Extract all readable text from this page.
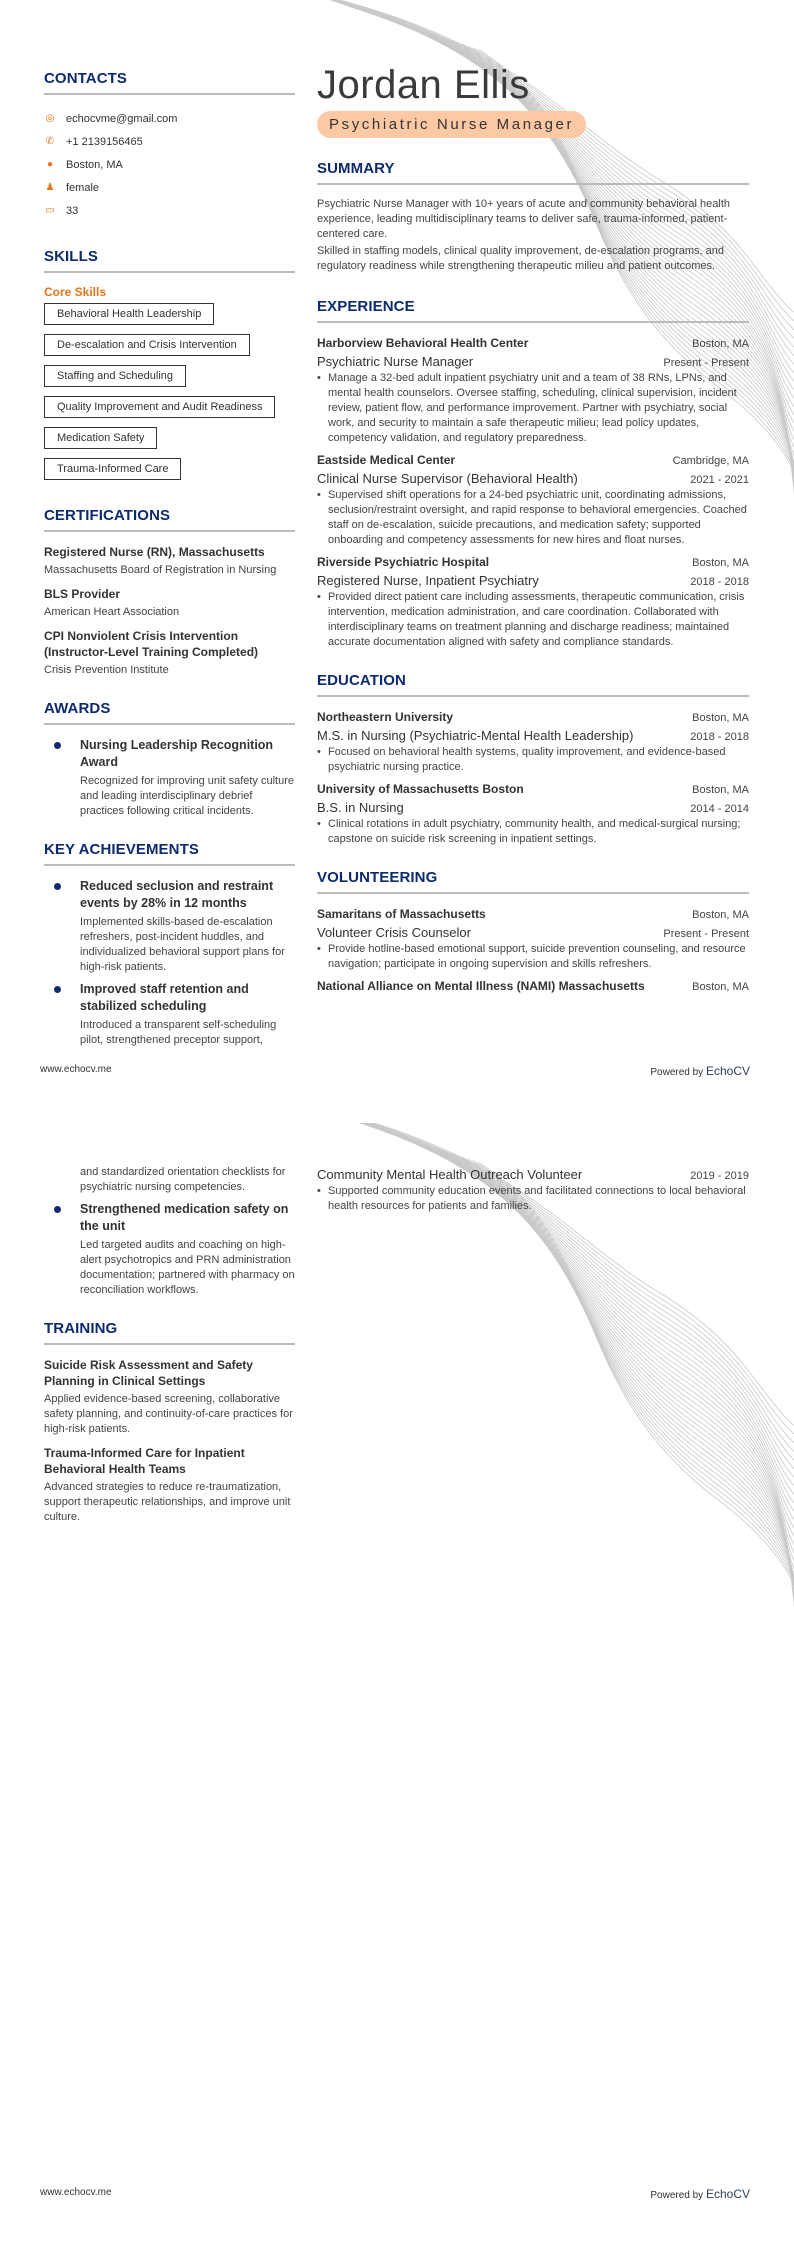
CONTACTS
◎ echocvme@gmail.com
✆ +1 2139156465
● Boston, MA
♟ female
▭ 33
SKILLS
Core Skills
Behavioral Health Leadership
De-escalation and Crisis Intervention
Staffing and Scheduling
Quality Improvement and Audit Readiness
Medication Safety
Trauma-Informed Care
CERTIFICATIONS
Registered Nurse (RN), Massachusetts
Massachusetts Board of Registration in Nursing
BLS Provider
American Heart Association
CPI Nonviolent Crisis Intervention (Instructor-Level Training Completed)
Crisis Prevention Institute
AWARDS
Nursing Leadership Recognition Award
Recognized for improving unit safety culture and leading interdisciplinary debrief practices following critical incidents.
KEY ACHIEVEMENTS
Reduced seclusion and restraint events by 28% in 12 months
Implemented skills-based de-escalation refreshers, post-incident huddles, and individualized behavioral support plans for high-risk patients.
Improved staff retention and stabilized scheduling
Introduced a transparent self-scheduling pilot, strengthened preceptor support,
Jordan Ellis
Psychiatric Nurse Manager
SUMMARY

Psychiatric Nurse Manager with 10+ years of acute and community behavioral health experience, leading multidisciplinary teams to deliver safe, trauma-informed, patient-centered care.

Skilled in staffing models, clinical quality improvement, de-escalation programs, and regulatory readiness while strengthening therapeutic milieu and patient outcomes.

EXPERIENCE
Harborview Behavioral Health Center	Boston, MA
Psychiatric Nurse Manager	Present - Present
• Manage a 32-bed adult inpatient psychiatry unit and a team of 38 RNs, LPNs, and mental health counselors. Oversee staffing, scheduling, clinical supervision, incident review, patient flow, and performance improvement. Partner with psychiatry, social work, and security to maintain a safe therapeutic milieu; lead policy updates, competency validation, and regulatory preparedness.
Eastside Medical Center	Cambridge, MA
Clinical Nurse Supervisor (Behavioral Health)	2021 - 2021
• Supervised shift operations for a 24-bed psychiatric unit, coordinating admissions, seclusion/restraint oversight, and rapid response to behavioral emergencies. Coached staff on de-escalation, suicide precautions, and medication safety; supported onboarding and competency assessments for new hires and float nurses.
Riverside Psychiatric Hospital	Boston, MA
Registered Nurse, Inpatient Psychiatry	2018 - 2018
• Provided direct patient care including assessments, therapeutic communication, crisis intervention, medication administration, and care coordination. Collaborated with interdisciplinary teams on treatment planning and discharge readiness; maintained accurate documentation aligned with safety and compliance standards.
EDUCATION
Northeastern University	Boston, MA
M.S. in Nursing (Psychiatric-Mental Health Leadership)	2018 - 2018
• Focused on behavioral health systems, quality improvement, and evidence-based psychiatric nursing practice.
University of Massachusetts Boston	Boston, MA
B.S. in Nursing	2014 - 2014
• Clinical rotations in adult psychiatry, community health, and medical-surgical nursing; capstone on suicide risk screening in inpatient settings.
VOLUNTEERING
Samaritans of Massachusetts	Boston, MA
Volunteer Crisis Counselor	Present - Present
• Provide hotline-based emotional support, suicide prevention counseling, and resource navigation; participate in ongoing supervision and skills refreshers.
National Alliance on Mental Illness (NAMI) Massachusetts	Boston, MA
www.echocv.me	Powered by EchoCV
and standardized orientation checklists for psychiatric nursing competencies.
Strengthened medication safety on the unit
Led targeted audits and coaching on high-alert psychotropics and PRN administration documentation; partnered with pharmacy on reconciliation workflows.
TRAINING
Suicide Risk Assessment and Safety Planning in Clinical Settings
Applied evidence-based screening, collaborative safety planning, and continuity-of-care practices for high-risk patients.
Trauma-Informed Care for Inpatient Behavioral Health Teams
Advanced strategies to reduce re-traumatization, support therapeutic relationships, and improve unit culture.
Community Mental Health Outreach Volunteer	2019 - 2019
• Supported community education events and facilitated connections to local behavioral health resources for patients and families.
www.echocv.me	Powered by EchoCV
